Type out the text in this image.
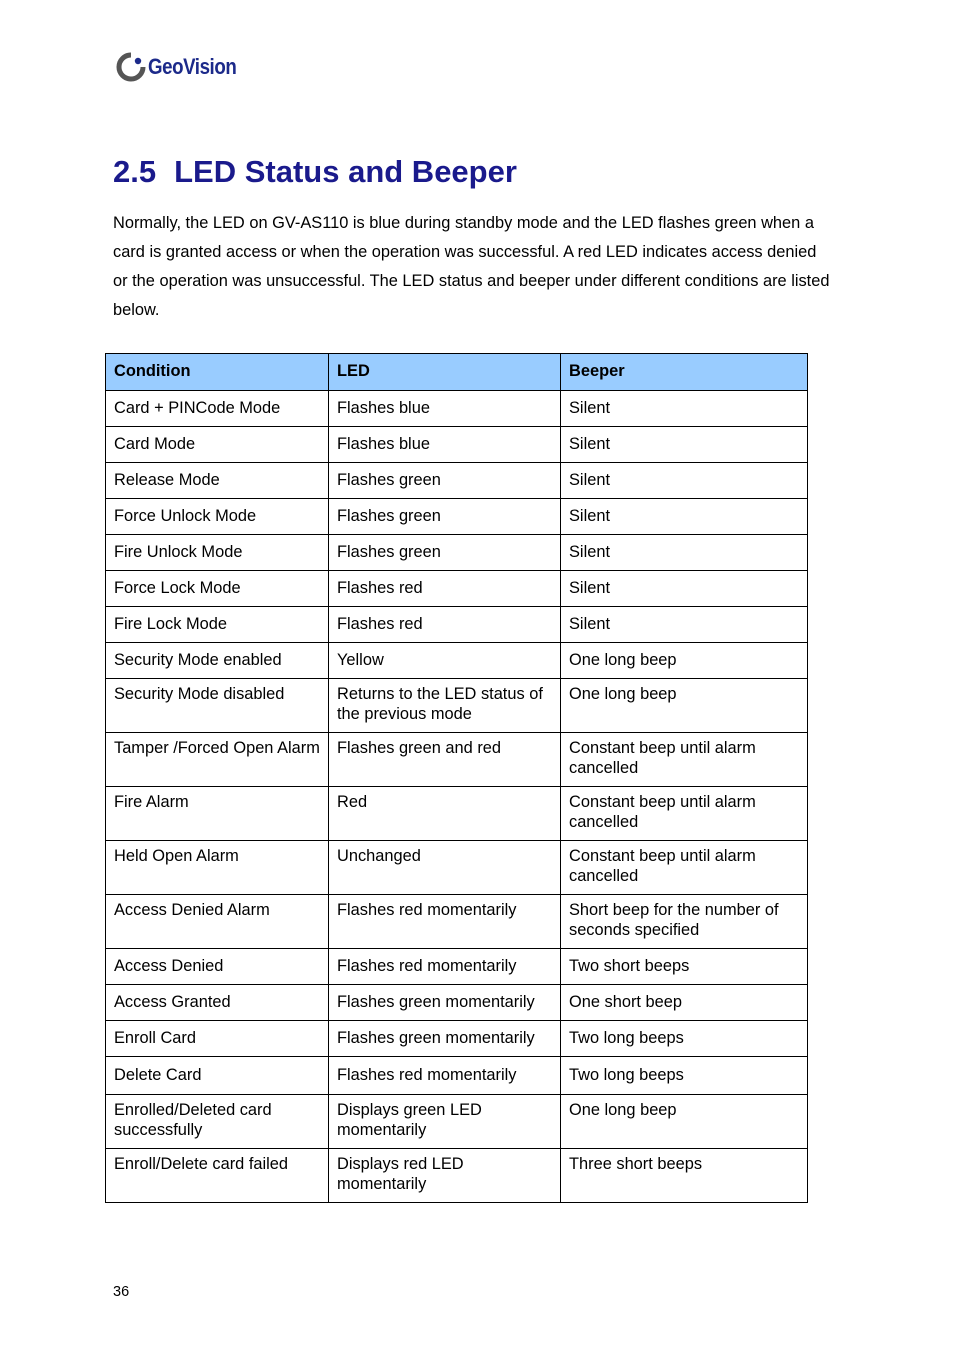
GeoVision
2.5 LED Status and Beeper

Normally, the LED on GV-AS110 is blue during standby mode and the LED flashes green when a card is granted access or when the operation was successful. A red LED indicates access denied or the operation was unsuccessful. The LED status and beeper under different conditions are listed below.

Condition	LED	Beeper
Card + PINCode Mode	Flashes blue	Silent
Card Mode	Flashes blue	Silent
Release Mode	Flashes green	Silent
Force Unlock Mode	Flashes green	Silent
Fire Unlock Mode	Flashes green	Silent
Force Lock Mode	Flashes red	Silent
Fire Lock Mode	Flashes red	Silent
Security Mode enabled	Yellow	One long beep
Security Mode disabled	Returns to the LED status of the previous mode	One long beep
Tamper /Forced Open Alarm	Flashes green and red	Constant beep until alarm cancelled
Fire Alarm	Red	Constant beep until alarm cancelled
Held Open Alarm	Unchanged	Constant beep until alarm cancelled
Access Denied Alarm	Flashes red momentarily	Short beep for the number of seconds specified
Access Denied	Flashes red momentarily	Two short beeps
Access Granted	Flashes green momentarily	One short beep
Enroll Card	Flashes green momentarily	Two long beeps
Delete Card	Flashes red momentarily	Two long beeps
Enrolled/Deleted card successfully	Displays green LED momentarily	One long beep
Enroll/Delete card failed	Displays red LED momentarily	Three short beeps
36
